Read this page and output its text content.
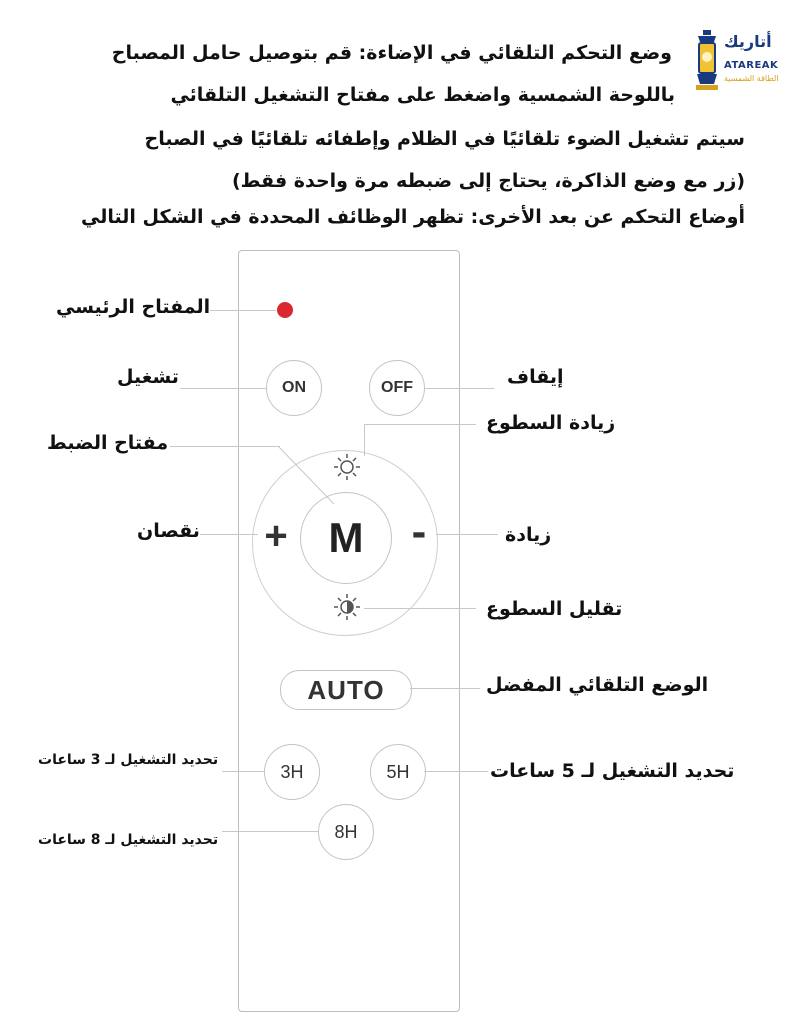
أتاريك
ATAREAK
الطاقة الشمسية
وضع التحكم التلقائي في الإضاءة: قم بتوصيل حامل المصباح
باللوحة الشمسية واضغط على مفتاح التشغيل التلقائي
سيتم تشغيل الضوء تلقائيًا في الظلام وإطفائه تلقائيًا في الصباح
(زر مع وضع الذاكرة، يحتاج إلى ضبطه مرة واحدة فقط)
أوضاع التحكم عن بعد الأخرى: تظهر الوظائف المحددة في الشكل التالي
ON	OFF
M
+	-
AUTO
3H	5H
8H
المفتاح الرئيسي
تشغيل	إيقاف
زيادة السطوع
مفتاح الضبط
نقصان	زيادة
تقليل السطوع
الوضع التلقائي المفضل
تحديد التشغيل لـ 3 ساعات	تحديد التشغيل لـ 5 ساعات
تحديد التشغيل لـ 8 ساعات
